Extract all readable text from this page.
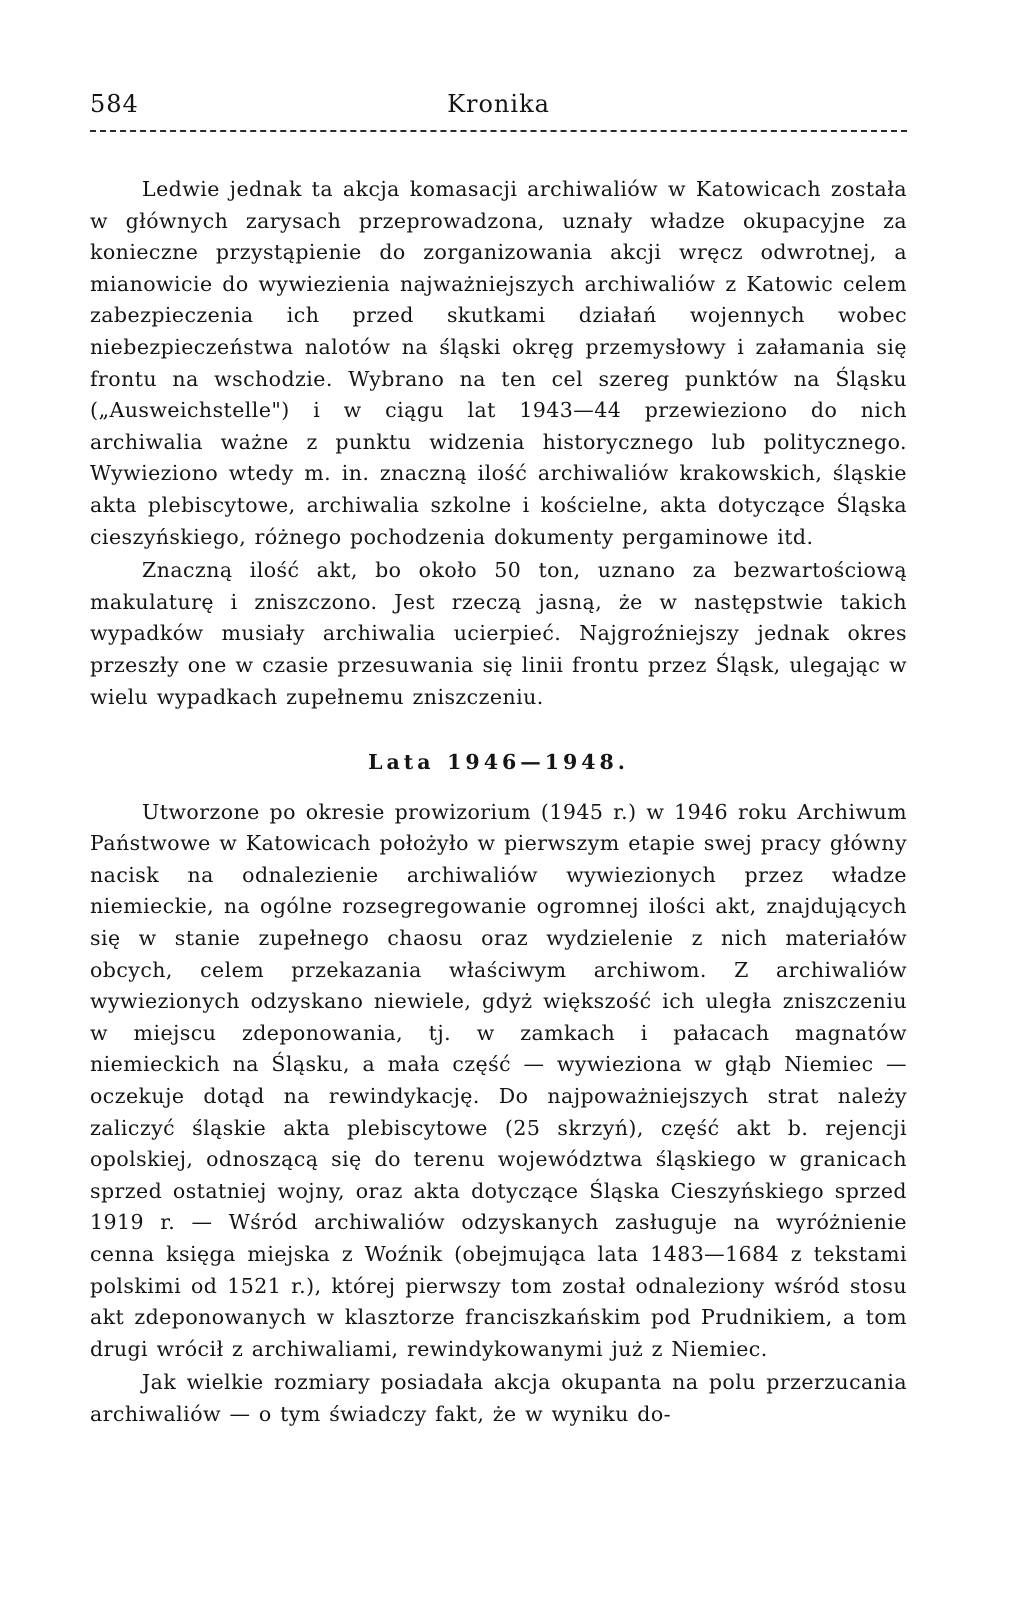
584	Kronika

Ledwie jednak ta akcja komasacji archiwaliów w Katowicach została w głównych zarysach przeprowadzona, uznały władze okupacyjne za konieczne przystąpienie do zorganizowania akcji wręcz odwrotnej, a mianowicie do wywiezienia najważniejszych archiwaliów z Katowic celem zabezpieczenia ich przed skutkami działań wojennych wobec niebezpieczeństwa nalotów na śląski okręg przemysłowy i załamania się frontu na wschodzie. Wybrano na ten cel szereg punktów na Śląsku („Ausweichstelle") i w ciągu lat 1943—44 przewieziono do nich archiwalia ważne z punktu widzenia historycznego lub politycznego. Wywieziono wtedy m. in. znaczną ilość archiwaliów krakowskich, śląskie akta plebiscytowe, archiwalia szkolne i kościelne, akta dotyczące Śląska cieszyńskiego, różnego pochodzenia dokumenty pergaminowe itd.

Znaczną ilość akt, bo około 50 ton, uznano za bezwartościową makulaturę i zniszczono. Jest rzeczą jasną, że w następstwie takich wypadków musiały archiwalia ucierpieć. Najgroźniejszy jednak okres przeszły one w czasie przesuwania się linii frontu przez Śląsk, ulegając w wielu wypadkach zupełnemu zniszczeniu.

Lata 1946—1948.

Utworzone po okresie prowizorium (1945 r.) w 1946 roku Archiwum Państwowe w Katowicach położyło w pierwszym etapie swej pracy główny nacisk na odnalezienie archiwaliów wywiezionych przez władze niemieckie, na ogólne rozsegregowanie ogromnej ilości akt, znajdujących się w stanie zupełnego chaosu oraz wydzielenie z nich materiałów obcych, celem przekazania właściwym archiwom. Z archiwaliów wywiezionych odzyskano niewiele, gdyż większość ich uległa zniszczeniu w miejscu zdeponowania, tj. w zamkach i pałacach magnatów niemieckich na Śląsku, a mała część — wywieziona w głąb Niemiec — oczekuje dotąd na rewindykację. Do najpoważniejszych strat należy zaliczyć śląskie akta plebiscytowe (25 skrzyń), część akt b. rejencji opolskiej, odnoszącą się do terenu województwa śląskiego w granicach sprzed ostatniej wojny, oraz akta dotyczące Śląska Cieszyńskiego sprzed 1919 r. — Wśród archiwaliów odzyskanych zasługuje na wyróżnienie cenna księga miejska z Woźnik (obejmująca lata 1483—1684 z tekstami polskimi od 1521 r.), której pierwszy tom został odnaleziony wśród stosu akt zdeponowanych w klasztorze franciszkańskim pod Prudnikiem, a tom drugi wrócił z archiwaliami, rewindykowanymi już z Niemiec.

Jak wielkie rozmiary posiadała akcja okupanta na polu przerzucania archiwaliów — o tym świadczy fakt, że w wyniku do-
